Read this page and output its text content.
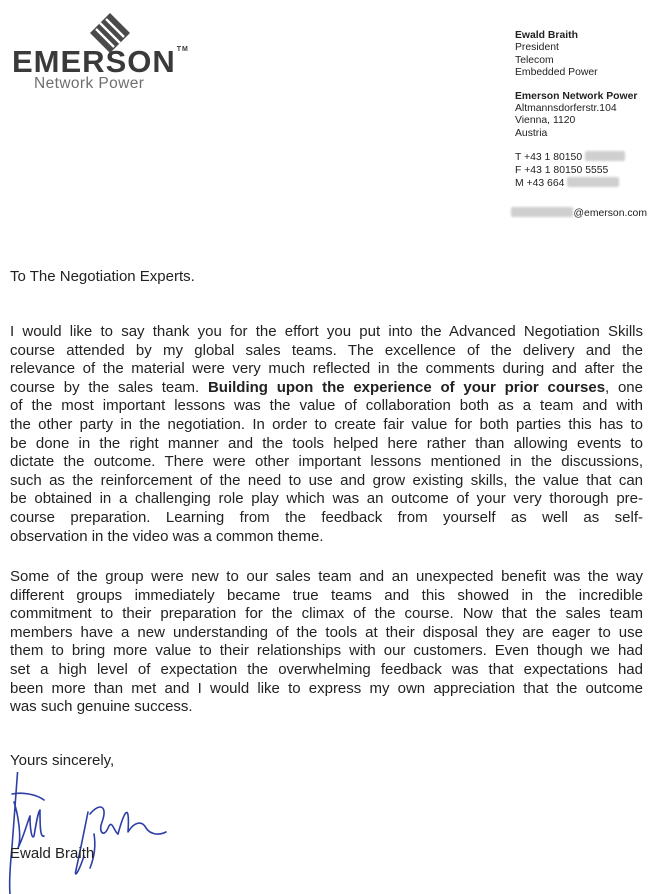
EMERSON™
Network Power
Ewald Braith
President
Telecom
Embedded Power
Emerson Network Power
Altmannsdorferstr.104
Vienna, 1120
Austria
T +43 1 80150
F +43 1 80150 5555
M +43 664
@emerson.com
To The Negotiation Experts.
I would like to say thank you for the effort you put into the Advanced Negotiation Skills
course attended by my global sales teams. The excellence of the delivery and the
relevance of the material were very much reflected in the comments during and after the
course by the sales team. Building upon the experience of your prior courses, one
of the most important lessons was the value of collaboration both as a team and with
the other party in the negotiation. In order to create fair value for both parties this has to
be done in the right manner and the tools helped here rather than allowing events to
dictate the outcome. There were other important lessons mentioned in the discussions,
such as the reinforcement of the need to use and grow existing skills, the value that can
be obtained in a challenging role play which was an outcome of your very thorough pre-
course preparation. Learning from the feedback from yourself as well as self-
observation in the video was a common theme.
Some of the group were new to our sales team and an unexpected benefit was the way
different groups immediately became true teams and this showed in the incredible
commitment to their preparation for the climax of the course. Now that the sales team
members have a new understanding of the tools at their disposal they are eager to use
them to bring more value to their relationships with our customers. Even though we had
set a high level of expectation the overwhelming feedback was that expectations had
been more than met and I would like to express my own appreciation that the outcome
was such genuine success.
Yours sincerely,
Ewald Braith
